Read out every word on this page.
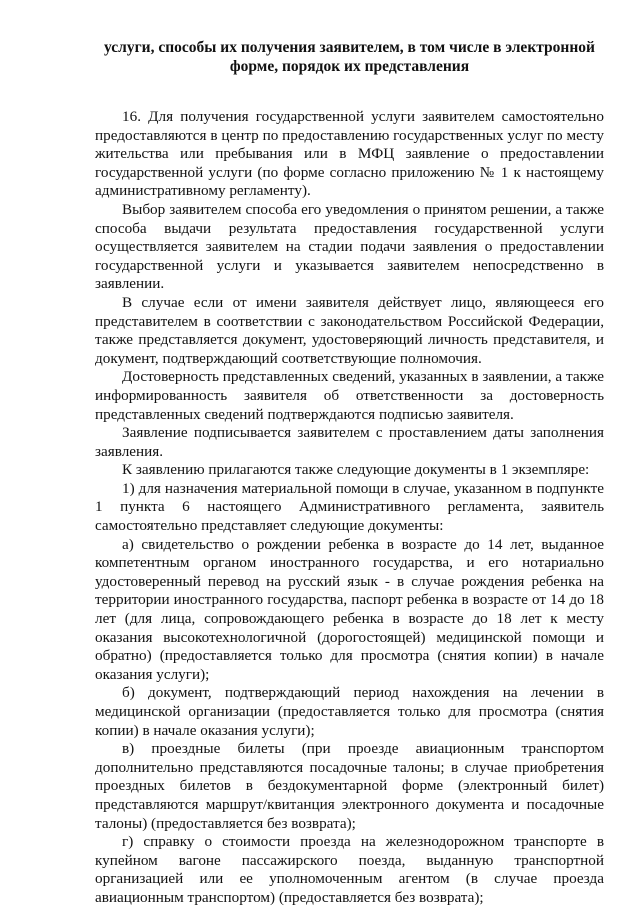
услуги, способы их получения заявителем, в том числе в электронной
форме, порядок их представления

16. Для получения государственной услуги заявителем самостоятельно предоставляются в центр по предоставлению государственных услуг по месту жительства или пребывания или в МФЦ заявление о предоставлении государственной услуги (по форме согласно приложению № 1 к настоящему административному регламенту).

Выбор заявителем способа его уведомления о принятом решении, а также способа выдачи результата предоставления государственной услуги осуществляется заявителем на стадии подачи заявления о предоставлении государственной услуги и указывается заявителем непосредственно в заявлении.

В случае если от имени заявителя действует лицо, являющееся его представителем в соответствии с законодательством Российской Федерации, также представляется документ, удостоверяющий личность представителя, и документ, подтверждающий соответствующие полномочия.

Достоверность представленных сведений, указанных в заявлении, а также информированность заявителя об ответственности за достоверность представленных сведений подтверждаются подписью заявителя.

Заявление подписывается заявителем с проставлением даты заполнения заявления.

К заявлению прилагаются также следующие документы в 1 экземпляре:

1) для назначения материальной помощи в случае, указанном в подпункте 1 пункта 6 настоящего Административного регламента, заявитель самостоятельно представляет следующие документы:

а) свидетельство о рождении ребенка в возрасте до 14 лет, выданное компетентным органом иностранного государства, и его нотариально удостоверенный перевод на русский язык - в случае рождения ребенка на территории иностранного государства, паспорт ребенка в возрасте от 14 до 18 лет (для лица, сопровождающего ребенка в возрасте до 18 лет к месту оказания высокотехнологичной (дорогостоящей) медицинской помощи и обратно) (предоставляется только для просмотра (снятия копии) в начале оказания услуги);

б) документ, подтверждающий период нахождения на лечении в медицинской организации (предоставляется только для просмотра (снятия копии) в начале оказания услуги);

в) проездные билеты (при проезде авиационным транспортом дополнительно представляются посадочные талоны; в случае приобретения проездных билетов в бездокументарной форме (электронный билет) представляются маршрут/квитанция электронного документа и посадочные талоны) (предоставляется без возврата);

г) справку о стоимости проезда на железнодорожном транспорте в купейном вагоне пассажирского поезда, выданную транспортной организацией или ее уполномоченным агентом (в случае проезда авиационным транспортом) (предоставляется без возврата);
